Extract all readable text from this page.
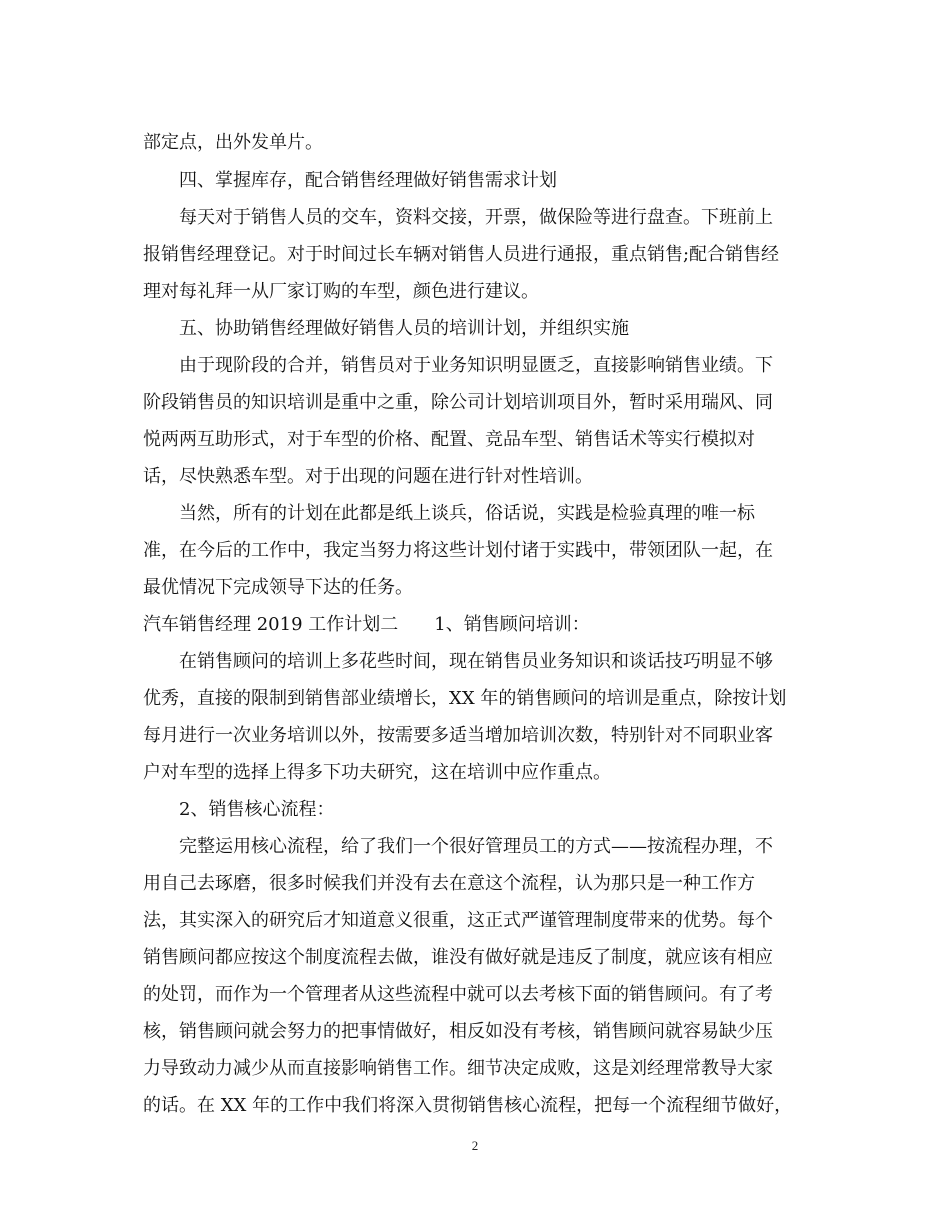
部定点，出外发单片。
四、掌握库存，配合销售经理做好销售需求计划
每天对于销售人员的交车，资料交接，开票，做保险等进行盘查。下班前上
报销售经理登记。对于时间过长车辆对销售人员进行通报，重点销售;配合销售经
理对每礼拜一从厂家订购的车型，颜色进行建议。
五、协助销售经理做好销售人员的培训计划，并组织实施
由于现阶段的合并，销售员对于业务知识明显匮乏，直接影响销售业绩。下
阶段销售员的知识培训是重中之重，除公司计划培训项目外，暂时采用瑞风、同
悦两两互助形式，对于车型的价格、配置、竞品车型、销售话术等实行模拟对
话，尽快熟悉车型。对于出现的问题在进行针对性培训。
当然，所有的计划在此都是纸上谈兵，俗话说，实践是检验真理的唯一标
准，在今后的工作中，我定当努力将这些计划付诸于实践中，带领团队一起，在
最优情况下完成领导下达的任务。
汽车销售经理 2019 工作计划二　　1、销售顾问培训：
在销售顾问的培训上多花些时间，现在销售员业务知识和谈话技巧明显不够
优秀，直接的限制到销售部业绩增长，XX 年的销售顾问的培训是重点，除按计划
每月进行一次业务培训以外，按需要多适当增加培训次数，特别针对不同职业客
户对车型的选择上得多下功夫研究，这在培训中应作重点。
2、销售核心流程：
完整运用核心流程，给了我们一个很好管理员工的方式——按流程办理，不
用自己去琢磨，很多时候我们并没有去在意这个流程，认为那只是一种工作方
法，其实深入的研究后才知道意义很重，这正式严谨管理制度带来的优势。每个
销售顾问都应按这个制度流程去做，谁没有做好就是违反了制度，就应该有相应
的处罚，而作为一个管理者从这些流程中就可以去考核下面的销售顾问。有了考
核，销售顾问就会努力的把事情做好，相反如没有考核，销售顾问就容易缺少压
力导致动力减少从而直接影响销售工作。细节决定成败，这是刘经理常教导大家
的话。在 XX 年的工作中我们将深入贯彻销售核心流程，把每一个流程细节做好，
2
